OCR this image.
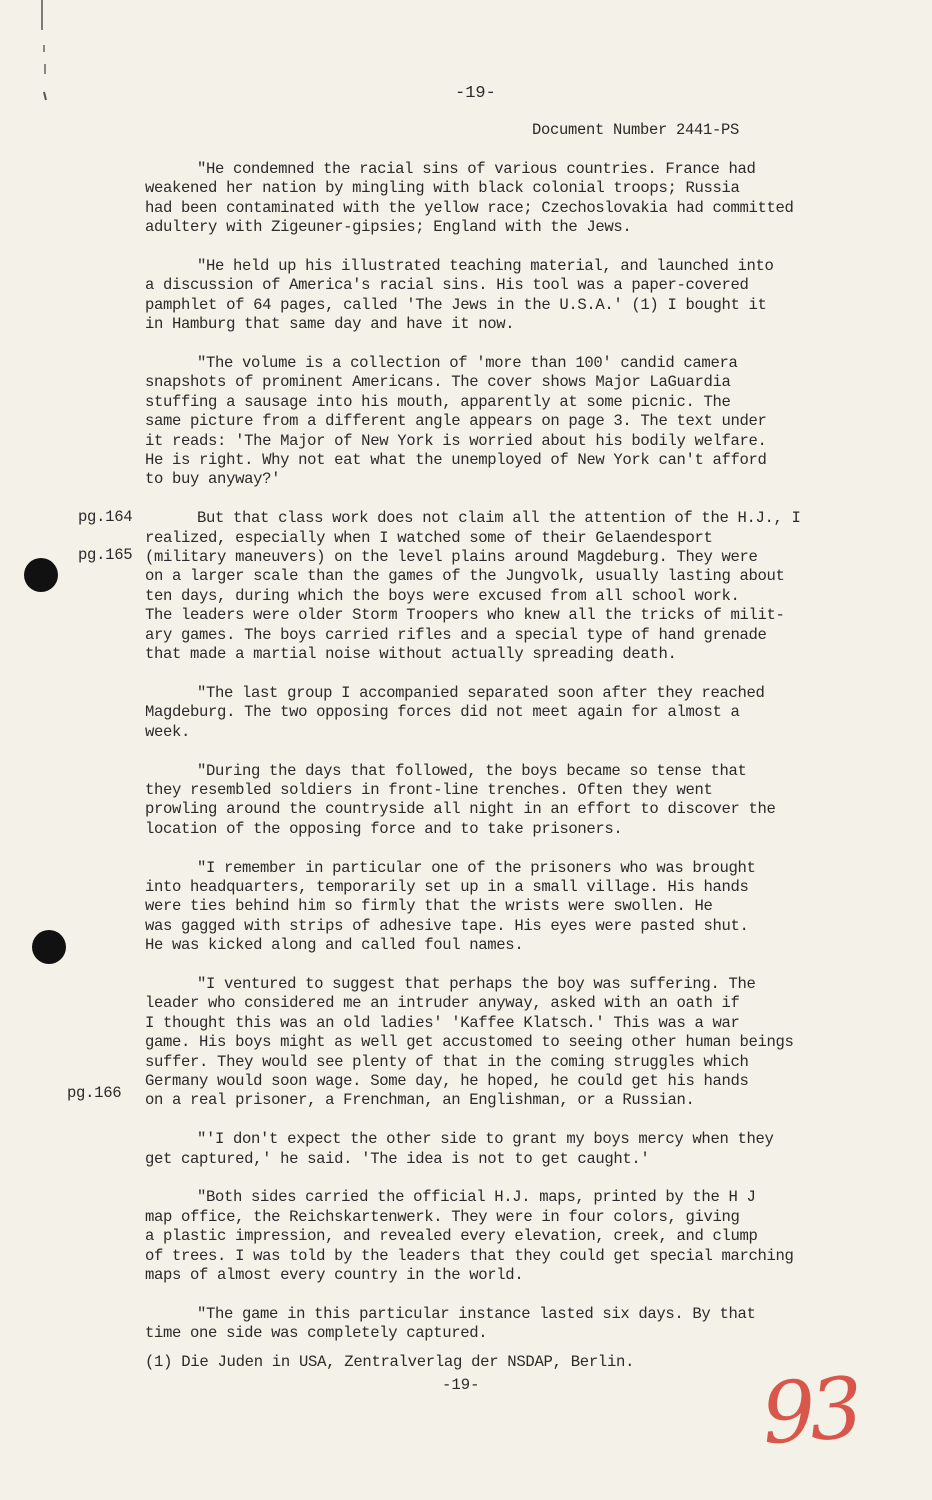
-19-
Document Number 2441-PS

"He condemned the racial sins of various countries. France had
weakened her nation by mingling with black colonial troops; Russia
had been contaminated with the yellow race; Czechoslovakia had committed
adultery with Zigeuner-gipsies; England with the Jews.

"He held up his illustrated teaching material, and launched into
a discussion of America's racial sins. His tool was a paper-covered
pamphlet of 64 pages, called 'The Jews in the U.S.A.' (1) I bought it
in Hamburg that same day and have it now.

"The volume is a collection of 'more than 100' candid camera
snapshots of prominent Americans. The cover shows Major LaGuardia
stuffing a sausage into his mouth, apparently at some picnic. The
same picture from a different angle appears on page 3. The text under
it reads: 'The Major of New York is worried about his bodily welfare.
He is right. Why not eat what the unemployed of New York can't afford
to buy anyway?'

But that class work does not claim all the attention of the H.J., I
realized, especially when I watched some of their Gelaendesport
(military maneuvers) on the level plains around Magdeburg. They were
on a larger scale than the games of the Jungvolk, usually lasting about
ten days, during which the boys were excused from all school work.
The leaders were older Storm Troopers who knew all the tricks of milit-
ary games. The boys carried rifles and a special type of hand grenade
that made a martial noise without actually spreading death.

"The last group I accompanied separated soon after they reached
Magdeburg. The two opposing forces did not meet again for almost a
week.

"During the days that followed, the boys became so tense that
they resembled soldiers in front-line trenches. Often they went
prowling around the countryside all night in an effort to discover the
location of the opposing force and to take prisoners.

"I remember in particular one of the prisoners who was brought
into headquarters, temporarily set up in a small village. His hands
were ties behind him so firmly that the wrists were swollen. He
was gagged with strips of adhesive tape. His eyes were pasted shut.
He was kicked along and called foul names.

"I ventured to suggest that perhaps the boy was suffering. The
leader who considered me an intruder anyway, asked with an oath if
I thought this was an old ladies' 'Kaffee Klatsch.' This was a war
game. His boys might as well get accustomed to seeing other human beings
suffer. They would see plenty of that in the coming struggles which
Germany would soon wage. Some day, he hoped, he could get his hands
on a real prisoner, a Frenchman, an Englishman, or a Russian.

"'I don't expect the other side to grant my boys mercy when they
get captured,' he said. 'The idea is not to get caught.'

"Both sides carried the official H.J. maps, printed by the H J
map office, the Reichskartenwerk. They were in four colors, giving
a plastic impression, and revealed every elevation, creek, and clump
of trees. I was told by the leaders that they could get special marching
maps of almost every country in the world.

"The game in this particular instance lasted six days. By that
time one side was completely captured.

pg.164
pg.165
pg.166
(1) Die Juden in USA, Zentralverlag der NSDAP, Berlin.
-19-	93
